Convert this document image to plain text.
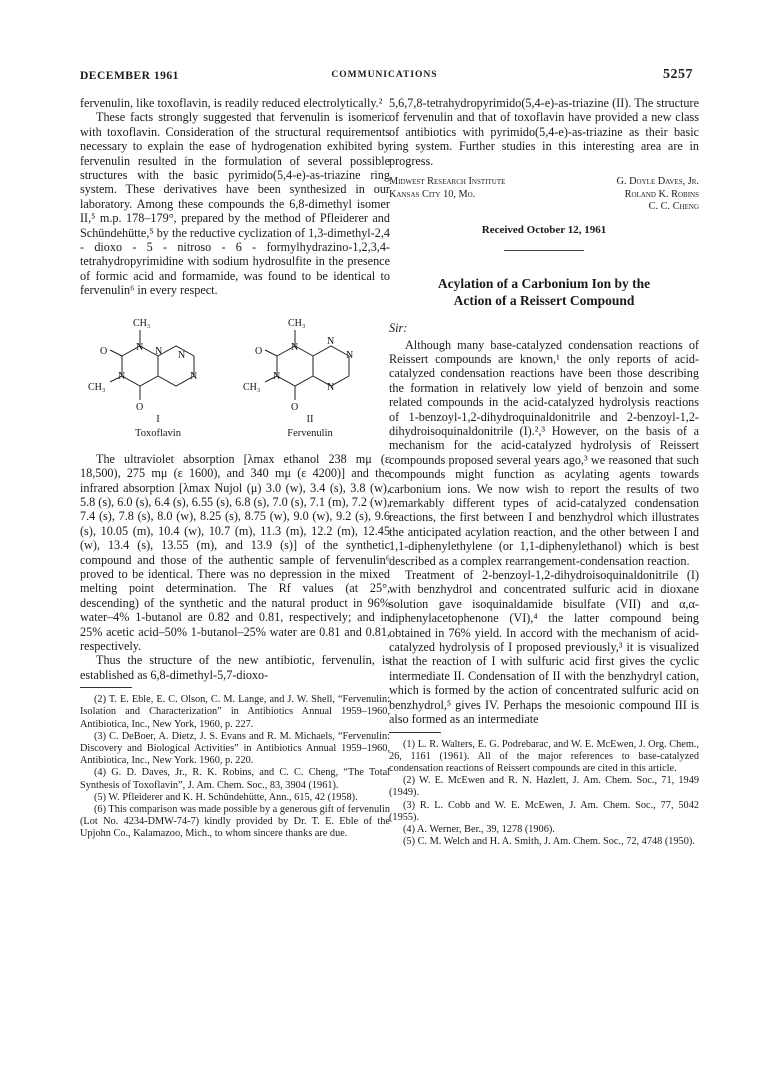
DECEMBER 1961	COMMUNICATIONS	5257

fervenulin, like toxoflavin, is readily reduced electrolytically.²

These facts strongly suggested that fervenulin is isomeric with toxoflavin. Consideration of the structural requirements necessary to explain the ease of hydrogenation exhibited by fervenulin resulted in the formulation of several possible structures with the basic pyrimido(5,4-e)-as-triazine ring system. These derivatives have been synthesized in our laboratory. Among these compounds the 6,8-dimethyl isomer II,⁵ m.p. 178–179°, prepared by the method of Pfleiderer and Schündehütte,⁵ by the reductive cyclization of 1,3-dimethyl-2,4 - dioxo - 5 - nitroso - 6 - formylhydrazino-1,2,3,4-tetrahydropyrimidine with sodium hydrosulfite in the presence of formic acid and formamide, was found to be identical to fervenulin⁶ in every respect.

CH₃
O	N N N
N	N
CH₃
O
CH₃
O	N
N
N
N
N
CH₃
O
I
Toxoflavin
II
Fervenulin

The ultraviolet absorption [λmax ethanol 238 mμ (ε 18,500), 275 mμ (ε 1600), and 340 mμ (ε 4200)] and the infrared absorption [λmax Nujol (μ) 3.0 (w), 3.4 (s), 3.8 (w), 5.8 (s), 6.0 (s), 6.4 (s), 6.55 (s), 6.8 (s), 7.0 (s), 7.1 (m), 7.2 (w), 7.4 (s), 7.8 (s), 8.0 (w), 8.25 (s), 8.75 (w), 9.0 (w), 9.2 (s), 9.6 (s), 10.05 (m), 10.4 (w), 10.7 (m), 11.3 (m), 12.2 (m), 12.45 (w), 13.4 (s), 13.55 (m), and 13.9 (s)] of the synthetic compound and those of the authentic sample of fervenulin⁶ proved to be identical. There was no depression in the mixed melting point determination. The Rf values (at 25°, descending) of the synthetic and the natural product in 96% water–4% 1-butanol are 0.82 and 0.81, respectively; and in 25% acetic acid–50% 1-butanol–25% water are 0.81 and 0.81, respectively.

Thus the structure of the new antibiotic, fervenulin, is established as 6,8-dimethyl-5,7-dioxo-

(2) T. E. Eble, E. C. Olson, C. M. Lange, and J. W. Shell, “Fervenulin: Isolation and Characterization” in Antibiotics Annual 1959–1960, Antibiotica, Inc., New York, 1960, p. 227.

(3) C. DeBoer, A. Dietz, J. S. Evans and R. M. Michaels, “Fervenulin: Discovery and Biological Activities” in Antibiotics Annual 1959–1960, Antibiotica, Inc., New York. 1960, p. 220.

(4) G. D. Daves, Jr., R. K. Robins, and C. C. Cheng, “The Total Synthesis of Toxoflavin”, J. Am. Chem. Soc., 83, 3904 (1961).

(5) W. Pfleiderer and K. H. Schündehütte, Ann., 615, 42 (1958).

(6) This comparison was made possible by a generous gift of fervenulin (Lot No. 4234-DMW-74-7) kindly provided by Dr. T. E. Eble of the Upjohn Co., Kalamazoo, Mich., to whom sincere thanks are due.

5,6,7,8-tetrahydropyrimido(5,4-e)-as-triazine (II). The structure of fervenulin and that of toxoflavin have provided a new class of antibiotics with pyrimido(5,4-e)-as-triazine as their basic ring system. Further studies in this interesting area are in progress.

Midwest Research Institute
Kansas City 10, Mo.
G. Doyle Daves, Jr.
Roland K. Robins
C. C. Cheng
Received October 12, 1961
Acylation of a Carbonium Ion by the
Action of a Reissert Compound
Sir:

Although many base-catalyzed condensation reactions of Reissert compounds are known,¹ the only reports of acid-catalyzed condensation reactions have been those describing the formation in relatively low yield of benzoin and some related compounds in the acid-catalyzed hydrolysis reactions of 1-benzoyl-1,2-dihydroquinaldonitrile and 2-benzoyl-1,2-dihydroisoquinaldonitrile (I).²,³ However, on the basis of a mechanism for the acid-catalyzed hydrolysis of Reissert compounds proposed several years ago,³ we reasoned that such compounds might function as acylating agents towards carbonium ions. We now wish to report the results of two remarkably different types of acid-catalyzed condensation reactions, the first between I and benzhydrol which illustrates the anticipated acylation reaction, and the other between I and 1,1-diphenylethylene (or 1,1-diphenylethanol) which is best described as a complex rearrangement-condensation reaction.

Treatment of 2-benzoyl-1,2-dihydroisoquinaldonitrile (I) with benzhydrol and concentrated sulfuric acid in dioxane solution gave isoquinaldamide bisulfate (VII) and α,α-diphenylacetophenone (VI),⁴ the latter compound being obtained in 76% yield. In accord with the mechanism of acid-catalyzed hydrolysis of I proposed previously,³ it is visualized that the reaction of I with sulfuric acid first gives the cyclic intermediate II. Condensation of II with the benzhydryl cation, which is formed by the action of concentrated sulfuric acid on benzhydrol,⁵ gives IV. Perhaps the mesoionic compound III is also formed as an intermediate

(1) L. R. Walters, E. G. Podrebarac, and W. E. McEwen, J. Org. Chem., 26, 1161 (1961). All of the major references to base-catalyzed condensation reactions of Reissert compounds are cited in this article.

(2) W. E. McEwen and R. N. Hazlett, J. Am. Chem. Soc., 71, 1949 (1949).

(3) R. L. Cobb and W. E. McEwen, J. Am. Chem. Soc., 77, 5042 (1955).

(4) A. Werner, Ber., 39, 1278 (1906).

(5) C. M. Welch and H. A. Smith, J. Am. Chem. Soc., 72, 4748 (1950).
